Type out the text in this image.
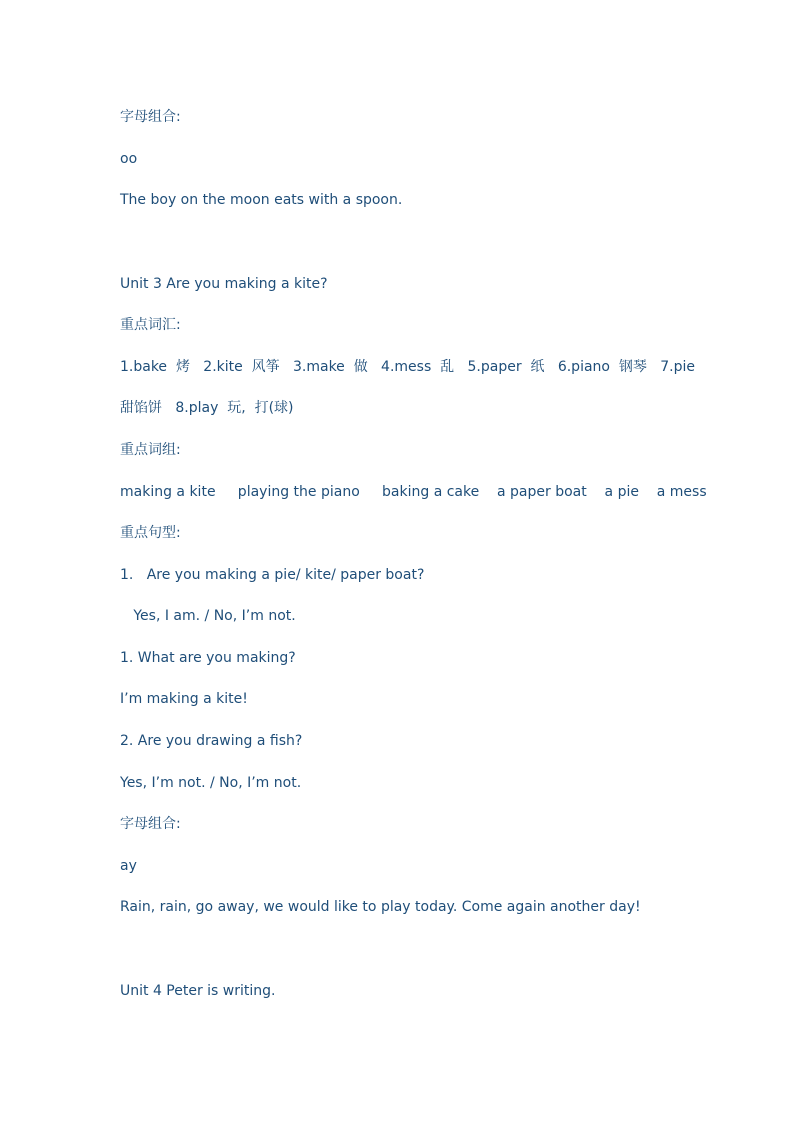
字母组合:

oo

The boy on the moon eats with a spoon.

Unit 3 Are you making a kite?

重点词汇:

1.bake  烤   2.kite  风筝   3.make  做   4.mess  乱   5.paper  纸   6.piano  钢琴   7.pie

甜馅饼   8.play  玩,  打(球)

重点词组:

making a kite     playing the piano     baking a cake    a paper boat    a pie    a mess

重点句型:

1.   Are you making a pie/ kite/ paper boat?

Yes, I am. / No, I’m not.

1. What are you making?

I’m making a kite!

2. Are you drawing a fish?

Yes, I’m not. / No, I’m not.

字母组合:

ay

Rain, rain, go away, we would like to play today. Come again another day!

Unit 4 Peter is writing.
